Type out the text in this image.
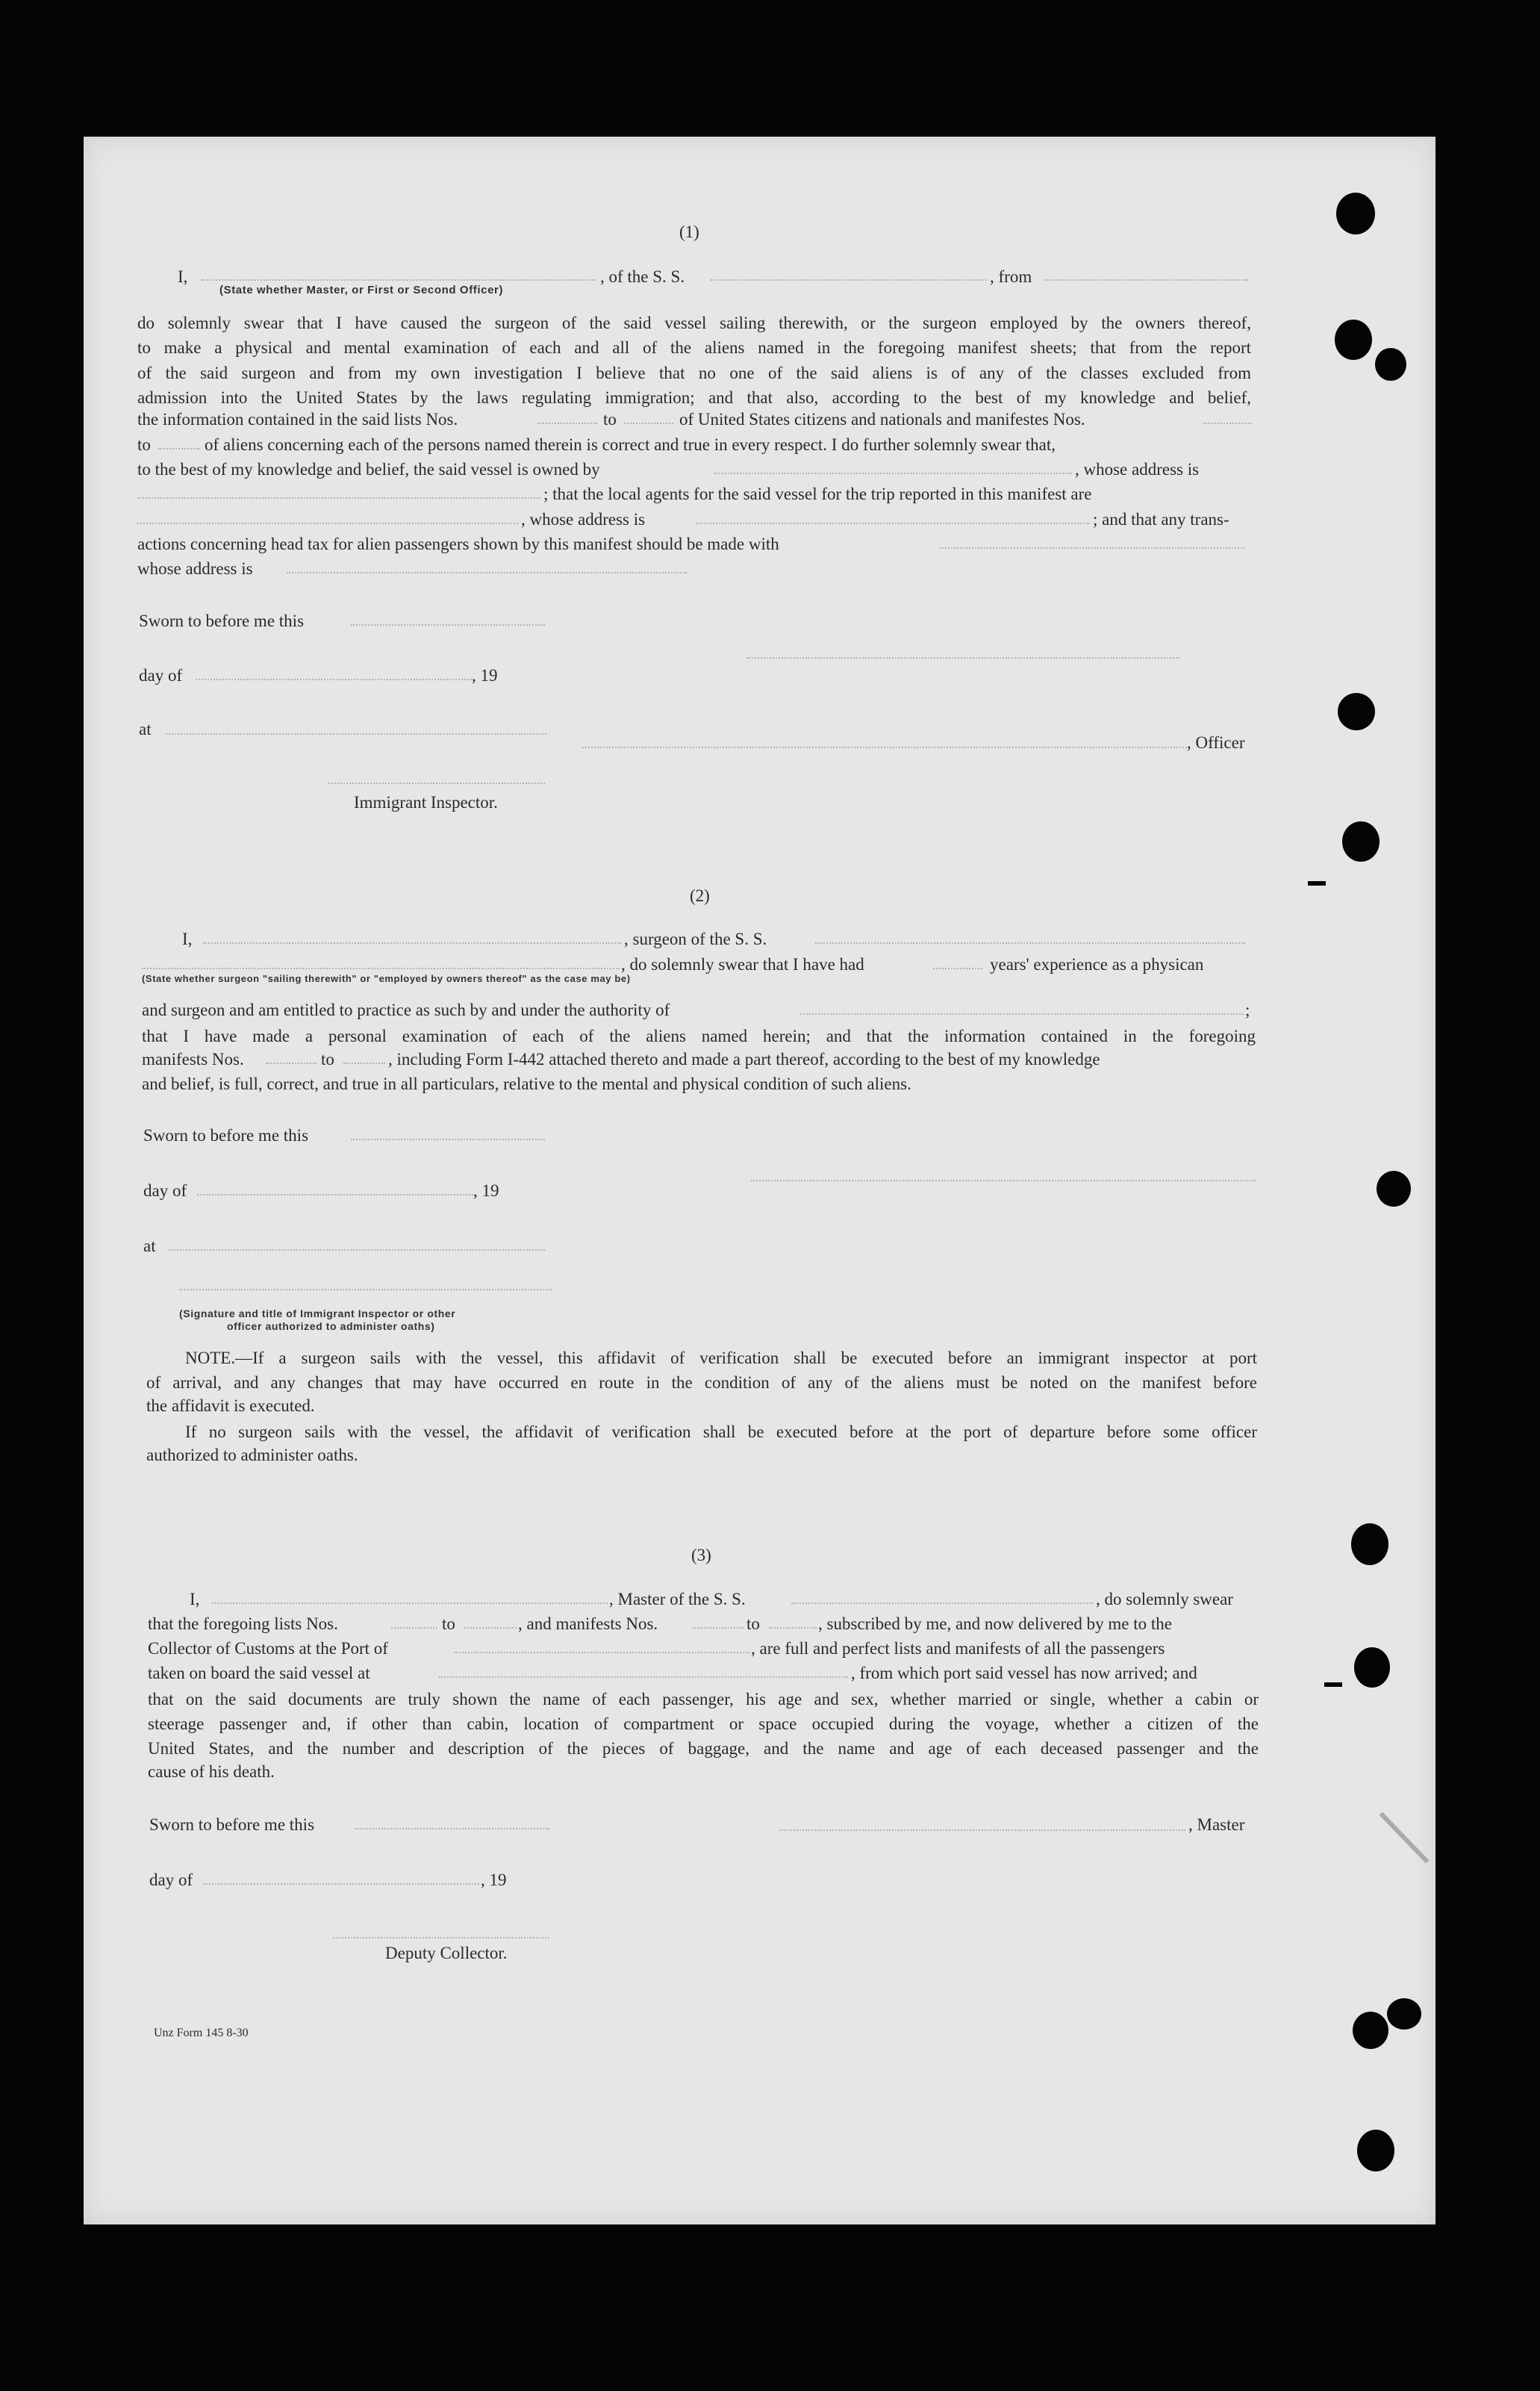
(1)
I,	, of the S. S.	, from
(State whether Master, or First or Second Officer)
do solemnly swear that I have caused the surgeon of the said vessel sailing therewith, or the surgeon employed by the owners thereof,
to make a physical and mental examination of each and all of the aliens named in the foregoing manifest sheets; that from the report
of the said surgeon and from my own investigation I believe that no one of the said aliens is of any of the classes excluded from
admission into the United States by the laws regulating immigration; and that also, according to the best of my knowledge and belief,
the information contained in the said lists Nos.	to	of United States citizens and nationals and manifestes Nos.
to	of aliens concerning each of the persons named therein is correct and true in every respect. I do further solemnly swear that,
to the best of my knowledge and belief, the said vessel is owned by	, whose address is
; that the local agents for the said vessel for the trip reported in this manifest are
, whose address is	; and that any trans-
actions concerning head tax for alien passengers shown by this manifest should be made with
whose address is
Sworn to before me this
day of	, 19
at
, Officer
Immigrant Inspector.
(2)
I,	, surgeon of the S. S.
, do solemnly swear that I have had	years' experience as a physican
(State whether surgeon "sailing therewith" or "employed by owners thereof" as the case may be)
and surgeon and am entitled to practice as such by and under the authority of	;
that I have made a personal examination of each of the aliens named herein; and that the information contained in the foregoing
manifests Nos.	to	, including Form I-442 attached thereto and made a part thereof, according to the best of my knowledge
and belief, is full, correct, and true in all particulars, relative to the mental and physical condition of such aliens.
Sworn to before me this
day of	, 19
at
(Signature and title of Immigrant Inspector or other
officer authorized to administer oaths)
NOTE.—If a surgeon sails with the vessel, this affidavit of verification shall be executed before an immigrant inspector at port
of arrival, and any changes that may have occurred en route in the condition of any of the aliens must be noted on the manifest before
the affidavit is executed.
If no surgeon sails with the vessel, the affidavit of verification shall be executed before at the port of departure before some officer
authorized to administer oaths.
(3)
I,	, Master of the S. S.	, do solemnly swear
that the foregoing lists Nos.	to	, and manifests Nos.	to	, subscribed by me, and now delivered by me to the
Collector of Customs at the Port of	, are full and perfect lists and manifests of all the passengers
taken on board the said vessel at	, from which port said vessel has now arrived; and
that on the said documents are truly shown the name of each passenger, his age and sex, whether married or single, whether a cabin or
steerage passenger and, if other than cabin, location of compartment or space occupied during the voyage, whether a citizen of the
United States, and the number and description of the pieces of baggage, and the name and age of each deceased passenger and the
cause of his death.
Sworn to before me this	, Master
day of	, 19
Deputy Collector.
Unz Form 145 8-30
